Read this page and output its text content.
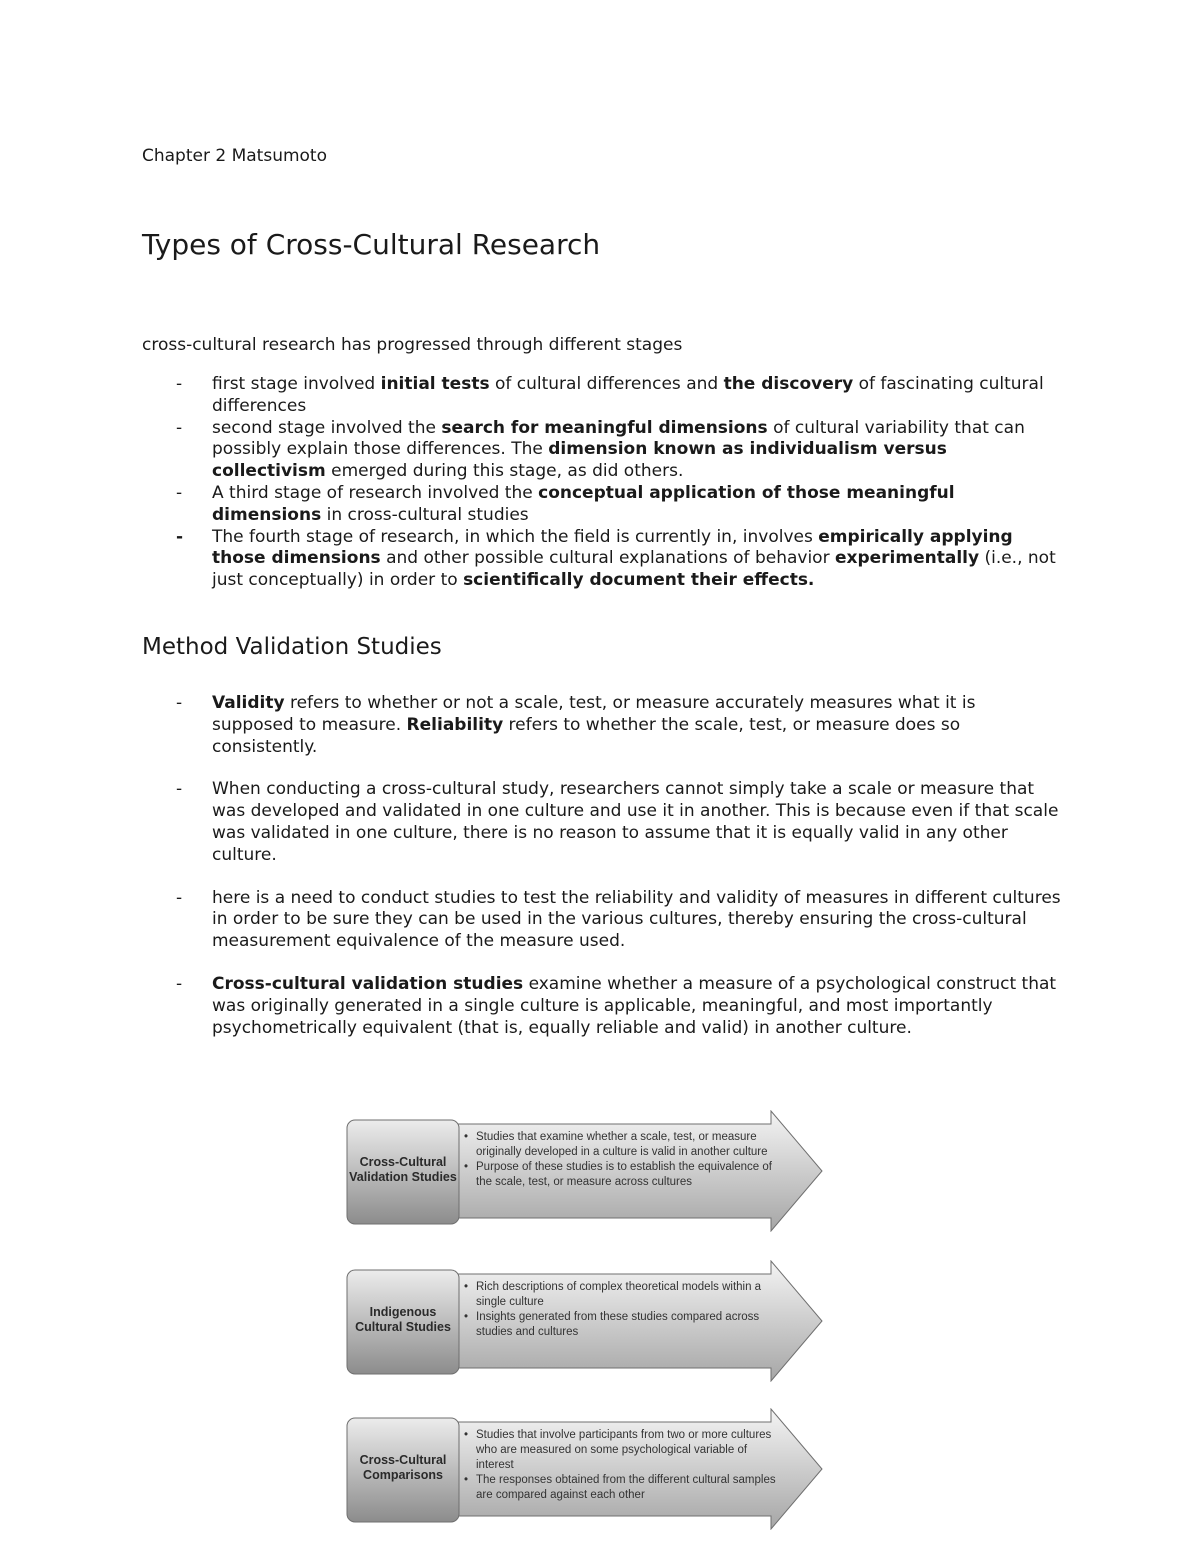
Chapter 2 Matsumoto
Types of Cross-Cultural Research
cross-cultural research has progressed through different stages
- first stage involved initial tests of cultural differences and the discovery of fascinating cultural differences
- second stage involved the search for meaningful dimensions of cultural variability that can possibly explain those differences. The dimension known as individualism versus collectivism emerged during this stage, as did others.
- A third stage of research involved the conceptual application of those meaningful dimensions in cross-cultural studies
- The fourth stage of research, in which the field is currently in, involves empirically applying those dimensions and other possible cultural explanations of behavior experimentally (i.e., not just conceptually) in order to scientifically document their effects.
Method Validation Studies
- Validity refers to whether or not a scale, test, or measure accurately measures what it is supposed to measure. Reliability refers to whether the scale, test, or measure does so consistently.
- When conducting a cross-cultural study, researchers cannot simply take a scale or measure that was developed and validated in one culture and use it in another. This is because even if that scale was validated in one culture, there is no reason to assume that it is equally valid in any other culture.
- here is a need to conduct studies to test the reliability and validity of measures in different cultures in order to be sure they can be used in the various cultures, thereby ensuring the cross-cultural measurement equivalence of the measure used.
- Cross-cultural validation studies examine whether a measure of a psychological construct that was originally generated in a single culture is applicable, meaningful, and most importantly psychometrically equivalent (that is, equally reliable and valid) in another culture.
Cross-Cultural Validation Studies
• Studies that examine whether a scale, test, or measure originally developed in a culture is valid in another culture
• Purpose of these studies is to establish the equivalence of the scale, test, or measure across cultures
Indigenous Cultural Studies
• Rich descriptions of complex theoretical models within a single culture
• Insights generated from these studies compared across studies and cultures
Cross-Cultural Comparisons
• Studies that involve participants from two or more cultures who are measured on some psychological variable of interest
• The responses obtained from the different cultural samples are compared against each other
